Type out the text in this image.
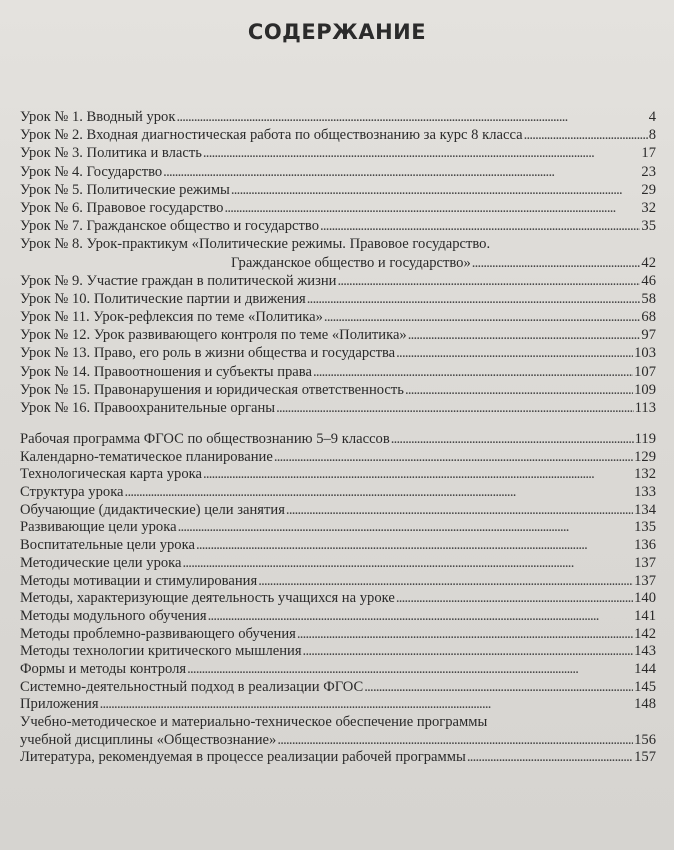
СОДЕРЖАНИЕ
Урок № 1. Вводный урок . . .	4
Урок № 2. Входная диагностическая работа по обществознанию за курс 8 класса . . .	8
Урок № 3. Политика и власть . . .	17
Урок № 4. Государство . . .	23
Урок № 5. Политические режимы . . .	29
Урок № 6. Правовое государство . . .	32
Урок № 7. Гражданское общество и государство . . .	35
Урок № 8. Урок-практикум «Политические режимы. Правовое государство.
Гражданское общество и государство» . . .	42
Урок № 9. Участие граждан в политической жизни . . .	46
Урок № 10. Политические партии и движения . . .	58
Урок № 11. Урок-рефлексия по теме «Политика» . . .	68
Урок № 12. Урок развивающего контроля по теме «Политика» . . .	97
Урок № 13. Право, его роль в жизни общества и государства . . .	103
Урок № 14. Правоотношения и субъекты права . . .	107
Урок № 15. Правонарушения и юридическая ответственность . . .	109
Урок № 16. Правоохранительные органы . . .	113
Рабочая программа ФГОС по обществознанию 5–9 классов . . .	119
Календарно-тематическое планирование . . .	129
Технологическая карта урока . . .	132
Структура урока . . .	133
Обучающие (дидактические) цели занятия . . .	134
Развивающие цели урока . . .	135
Воспитательные цели урока . . .	136
Методические цели урока . . .	137
Методы мотивации и стимулирования . . .	137
Методы, характеризующие деятельность учащихся на уроке . . .	140
Методы модульного обучения . . .	141
Методы проблемно-развивающего обучения . . .	142
Методы технологии критического мышления . . .	143
Формы и методы контроля . . .	144
Системно-деятельностный подход в реализации ФГОС . . .	145
Приложения . . .	148
Учебно-методическое и материально-техническое обеспечение программы
учебной дисциплины «Обществознание» . . .	156
Литература, рекомендуемая в процессе реализации рабочей программы . . .	157
